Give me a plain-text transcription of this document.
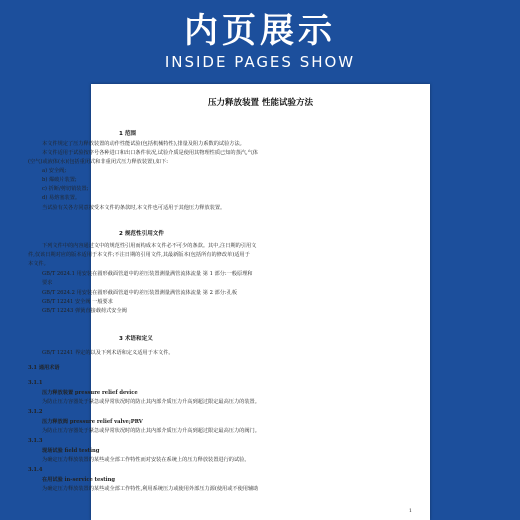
内页展示
INSIDE PAGES SHOW
压力释放装置 性能试验方法
1
1 范围
2 规范性引用文件
3 术语和定义
本文件规定了压力释放装置的动作性能试验(包括机械特性),排量及阻力系数的试验方法。
本文件适用于试验按序号各种进口和出口条件状况,试验介质是使用其物理性质已知的蒸汽,气体
(空气)或液体(水)(包括重闭式和非重闭式压力释放装置),如下:
a) 安全阀;
b) 爆破片装置;
c) 折断/剪切销装置;
d) 易熔塞装置。
当试验有关各方同意按受本文件的条款时,本文件也可适用于其他压力释放装置。
下列文件中的内容通过文中的规范性引用而构成本文件必不可少的条款。其中,注日期的引用文
件,仅该日期对应的版本适用于本文件;不注日期的引用文件,其最新版本(包括所有的修改单)适用于
本文件。
GB/T 2624.1 用安装在圆形截面管道中的差压装置测量满管流体流量 第 1 部分:一般原理和
要求
GB/T 2624.2 用安装在圆形截面管道中的差压装置测量满管流体流量 第 2 部分:孔板
GB/T 12241 安全阀 一般要求
GB/T 12243 弹簧直接载荷式安全阀
GB/T 12241 界定的以及下列术语和定义适用于本文件。
3.1 通用术语
3.1.1
压力释放装置 pressure relief device
为防止压力容器处于紧急或异常状况时的防止其内部介质压力升高到超过限定最高压力的装置。
3.1.2
压力释放阀 pressure relief valve;PRV
为防止压力容器处于紧急或异常状况时的防止其内部介质压力升高到超过限定最高压力的阀门。
3.1.3
现场试验 field testing
为确定压力释放装置的某些或全部工作特性而对安装在系统上的压力释放装置进行的试验。
3.1.4
在用试验 in-service testing
为确定压力释放装置的某些或全部工作特性,利用系统压力或使用外部压力源(使用或不使用辅助
